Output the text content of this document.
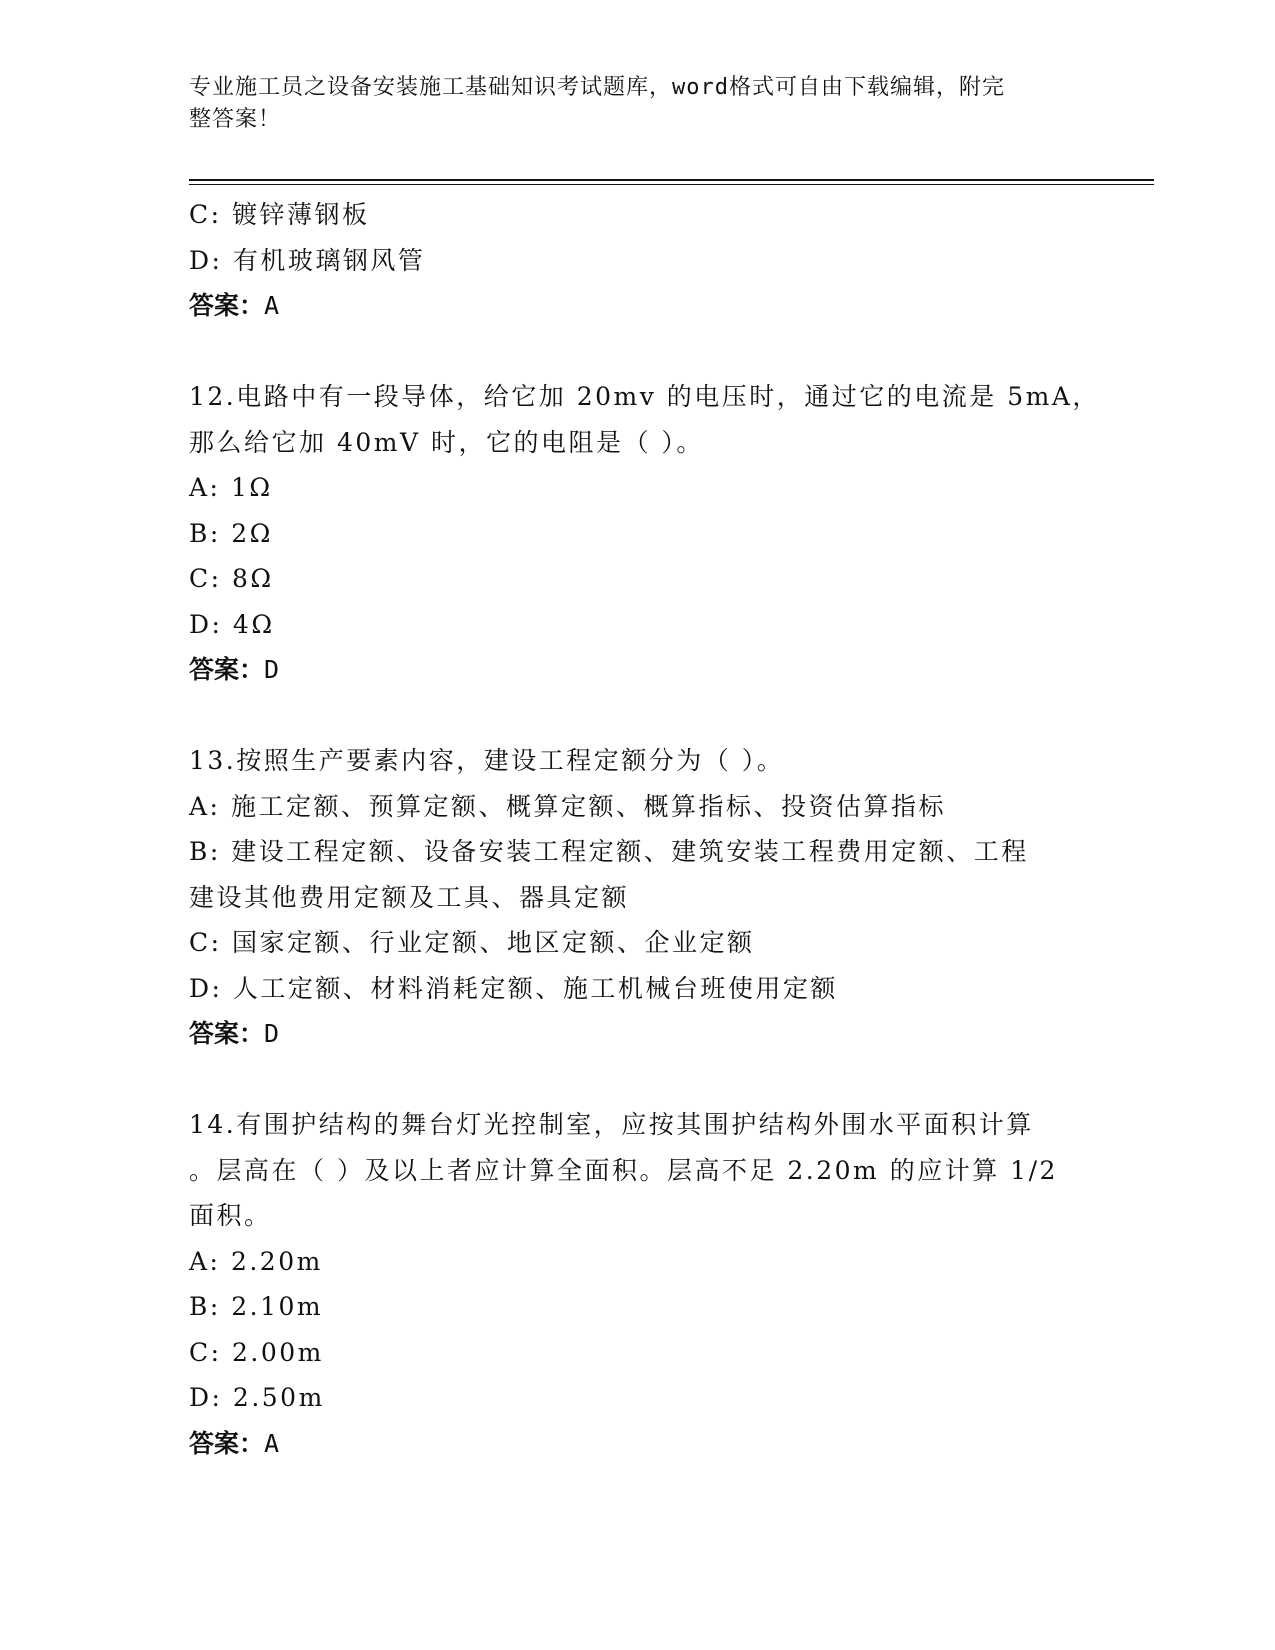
专业施工员之设备安装施工基础知识考试题库，word格式可自由下载编辑，附完
整答案！
C: 镀锌薄钢板
D: 有机玻璃钢风管
答案：A
12.电路中有一段导体，给它加 20mv 的电压时，通过它的电流是 5mA，
那么给它加 40mV 时，它的电阻是（ ）。
A: 1Ω
B: 2Ω
C: 8Ω
D: 4Ω
答案：D
13.按照生产要素内容，建设工程定额分为（ ）。
A: 施工定额、预算定额、概算定额、概算指标、投资估算指标
B: 建设工程定额、设备安装工程定额、建筑安装工程费用定额、工程
建设其他费用定额及工具、器具定额
C: 国家定额、行业定额、地区定额、企业定额
D: 人工定额、材料消耗定额、施工机械台班使用定额
答案：D
14.有围护结构的舞台灯光控制室，应按其围护结构外围水平面积计算
。层高在（ ）及以上者应计算全面积。层高不足 2.20m 的应计算 1/2
面积。
A: 2.20m
B: 2.10m
C: 2.00m
D: 2.50m
答案：A
